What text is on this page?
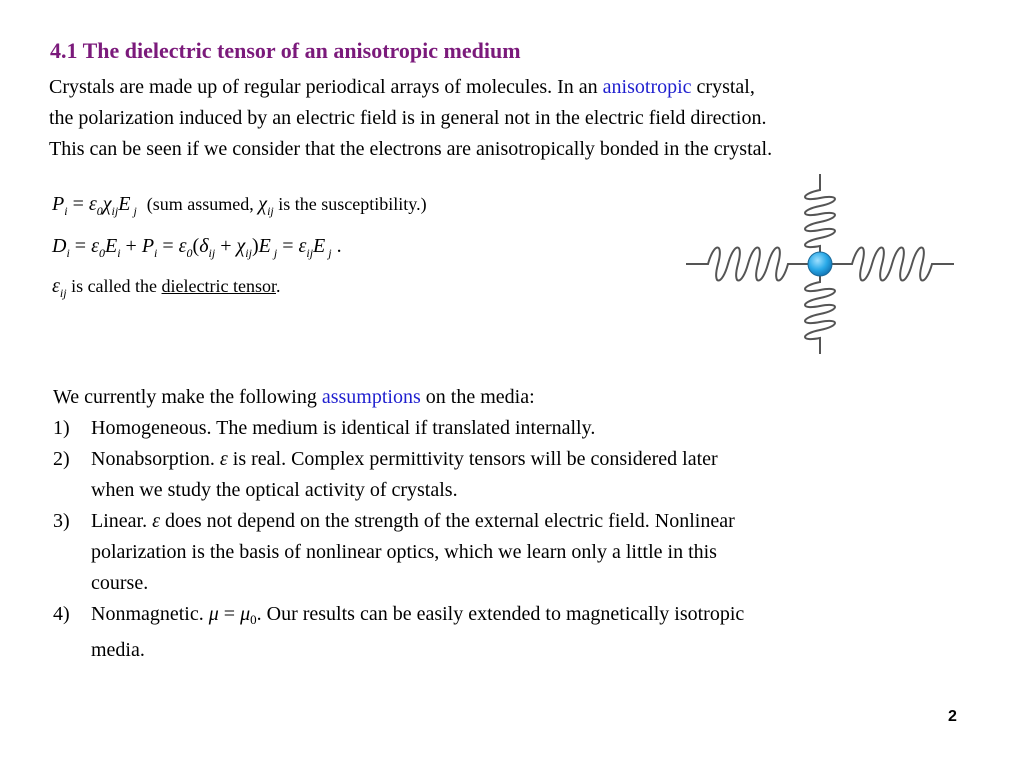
4.1 The dielectric tensor of an anisotropic medium
Crystals are made up of regular periodical arrays of molecules. In an anisotropic crystal,
the polarization induced by an electric field is in general not in the electric field direction.
This can be seen if we consider that the electrons are anisotropically bonded in the crystal.
$P_i = \varepsilon_0\chi_{ij}E$ $_j$ (sum assumed, $\chi_{ij}$ is the susceptibility.)
$D_i = \varepsilon_0E_i + P_i = \varepsilon_0(\delta_{ij} + \chi_{ij})E$ $_j = \varepsilon_{ij}E$ $_j$ .
$\varepsilon_{ij}$ is called the dielectric tensor.
We currently make the following assumptions on the media:
1) Homogeneous. The medium is identical if translated internally.
2) Nonabsorption. ε is real. Complex permittivity tensors will be considered later
when we study the optical activity of crystals.
3) Linear. ε does not depend on the strength of the external electric field. Nonlinear
polarization is the basis of nonlinear optics, which we learn only a little in this
course.
4) Nonmagnetic. $\mu = \mu_0$. Our results can be easily extended to magnetically isotropic
media.
2
